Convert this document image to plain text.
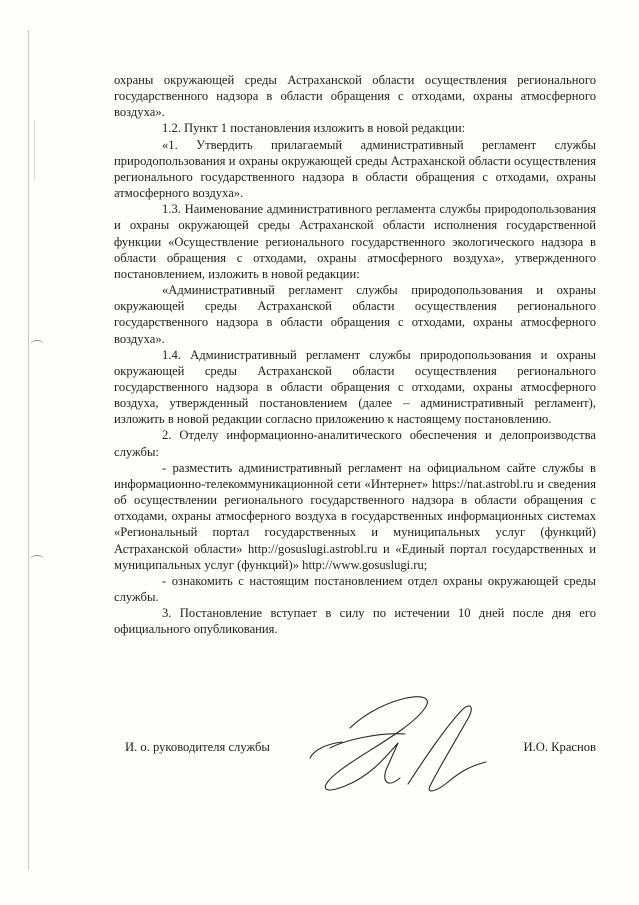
охраны окружающей среды Астраханской области осуществления регионального государственного надзора в области обращения с отходами, охраны атмосферного воздуха».

1.2. Пункт 1 постановления изложить в новой редакции:

«1. Утвердить прилагаемый административный регламент службы природопользования и охраны окружающей среды Астраханской области осуществления регионального государственного надзора в области обращения с отходами, охраны атмосферного воздуха».

1.3. Наименование административного регламента службы природопользования и охраны окружающей среды Астраханской области исполнения государственной функции «Осуществление регионального государственного экологического надзора в области обращения с отходами, охраны атмосферного воздуха», утвержденного постановлением, изложить в новой редакции:

«Административный регламент службы природопользования и охраны окружающей среды Астраханской области осуществления регионального государственного надзора в области обращения с отходами, охраны атмосферного воздуха».

1.4. Административный регламент службы природопользования и охраны окружающей среды Астраханской области осуществления регионального государственного надзора в области обращения с отходами, охраны атмосферного воздуха, утвержденный постановлением (далее – административный регламент), изложить в новой редакции согласно приложению к настоящему постановлению.

2. Отделу информационно-аналитического обеспечения и делопроизводства службы:

- разместить административный регламент на официальном сайте службы в информационно-телекоммуникационной сети «Интернет» https://nat.astrobl.ru и сведения об осуществлении регионального государственного надзора в области обращения с отходами, охраны атмосферного воздуха в государственных информационных системах «Региональный портал государственных и муниципальных услуг (функций) Астраханской области» http://gosuslugi.astrobl.ru и «Единый портал государственных и муниципальных услуг (функций)» http://www.gosuslugi.ru;

- ознакомить с настоящим постановлением отдел охраны окружающей среды службы.

3. Постановление вступает в силу по истечении 10 дней после дня его официального опубликования.

И. о. руководителя службы	И.О. Краснов
